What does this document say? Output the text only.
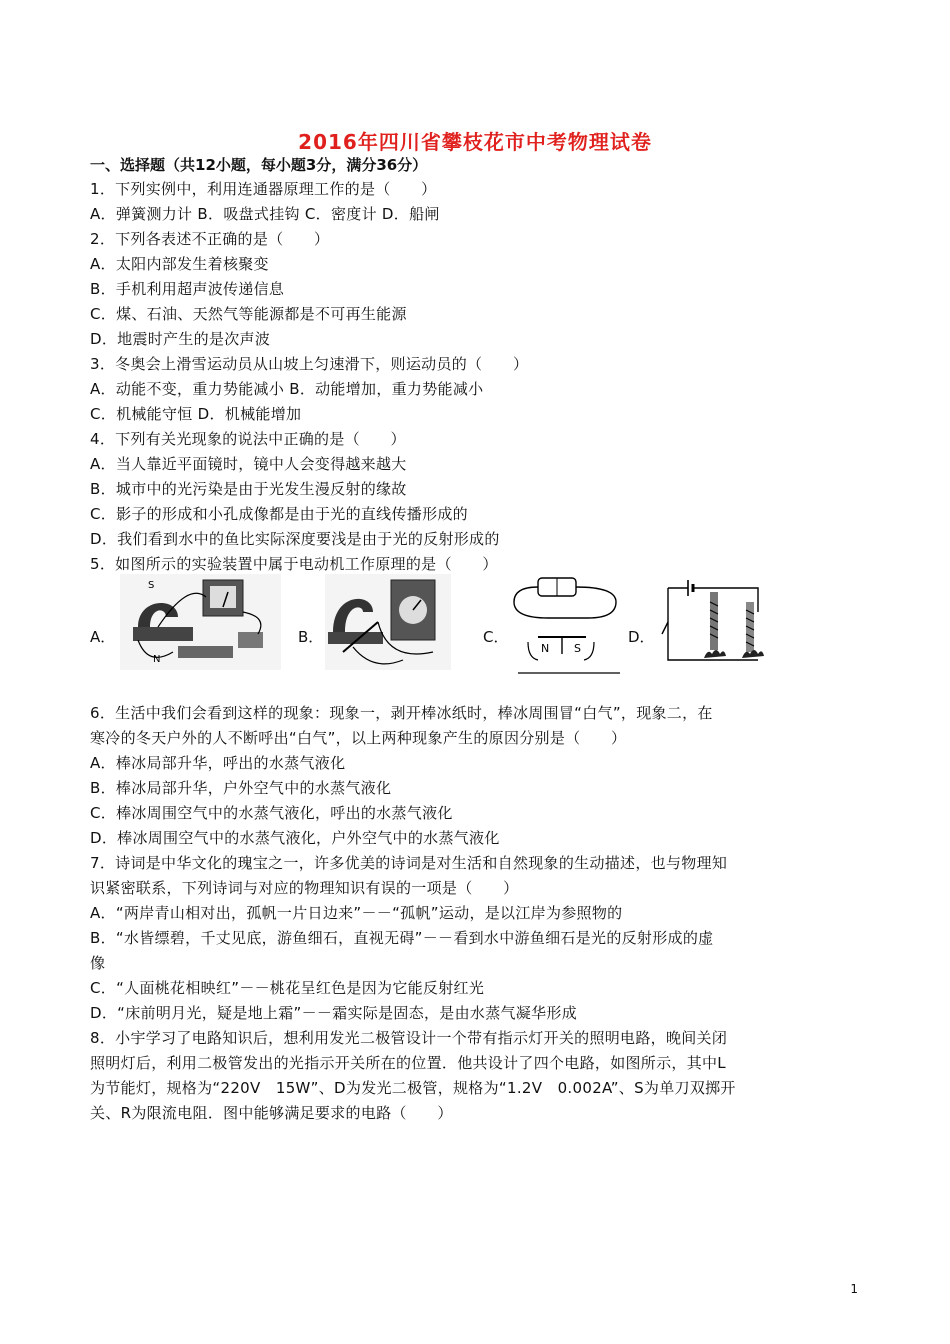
2016年四川省攀枝花市中考物理试卷
一、选择题（共12小题，每小题3分，满分36分）
1．下列实例中，利用连通器原理工作的是（　　）
A．弹簧测力计 B．吸盘式挂钩 C．密度计 D．船闸
2．下列各表述不正确的是（　　）
A．太阳内部发生着核聚变
B．手机利用超声波传递信息
C．煤、石油、天然气等能源都是不可再生能源
D．地震时产生的是次声波
3．冬奥会上滑雪运动员从山坡上匀速滑下，则运动员的（　　）
A．动能不变，重力势能减小 B．动能增加，重力势能减小
C．机械能守恒 D．机械能增加
4．下列有关光现象的说法中正确的是（　　）
A．当人靠近平面镜时，镜中人会变得越来越大
B．城市中的光污染是由于光发生漫反射的缘故
C．影子的形成和小孔成像都是由于光的直线传播形成的
D．我们看到水中的鱼比实际深度要浅是由于光的反射形成的
5．如图所示的实验装置中属于电动机工作原理的是（　　）
A．
S
N
B．	C．
N S
D．
6．生活中我们会看到这样的现象：现象一，剥开棒冰纸时，棒冰周围冒“白气”，现象二，在
寒冷的冬天户外的人不断呼出“白气”，以上两种现象产生的原因分别是（　　）
A．棒冰局部升华，呼出的水蒸气液化
B．棒冰局部升华，户外空气中的水蒸气液化
C．棒冰周围空气中的水蒸气液化，呼出的水蒸气液化
D．棒冰周围空气中的水蒸气液化，户外空气中的水蒸气液化
7．诗词是中华文化的瑰宝之一，许多优美的诗词是对生活和自然现象的生动描述，也与物理知
识紧密联系，下列诗词与对应的物理知识有误的一项是（　　）
A．“两岸青山相对出，孤帆一片日边来”－－“孤帆”运动，是以江岸为参照物的
B．“水皆缥碧，千丈见底，游鱼细石，直视无碍”－－看到水中游鱼细石是光的反射形成的虚
像
C．“人面桃花相映红”－－桃花呈红色是因为它能反射红光
D．“床前明月光，疑是地上霜”－－霜实际是固态，是由水蒸气凝华形成
8．小宇学习了电路知识后，想利用发光二极管设计一个带有指示灯开关的照明电路，晚间关闭
照明灯后，利用二极管发出的光指示开关所在的位置．他共设计了四个电路，如图所示，其中L
为节能灯，规格为“220V　15W”、D为发光二极管，规格为“1.2V　0.002A”、S为单刀双掷开
关、R为限流电阻．图中能够满足要求的电路（　　）
1
